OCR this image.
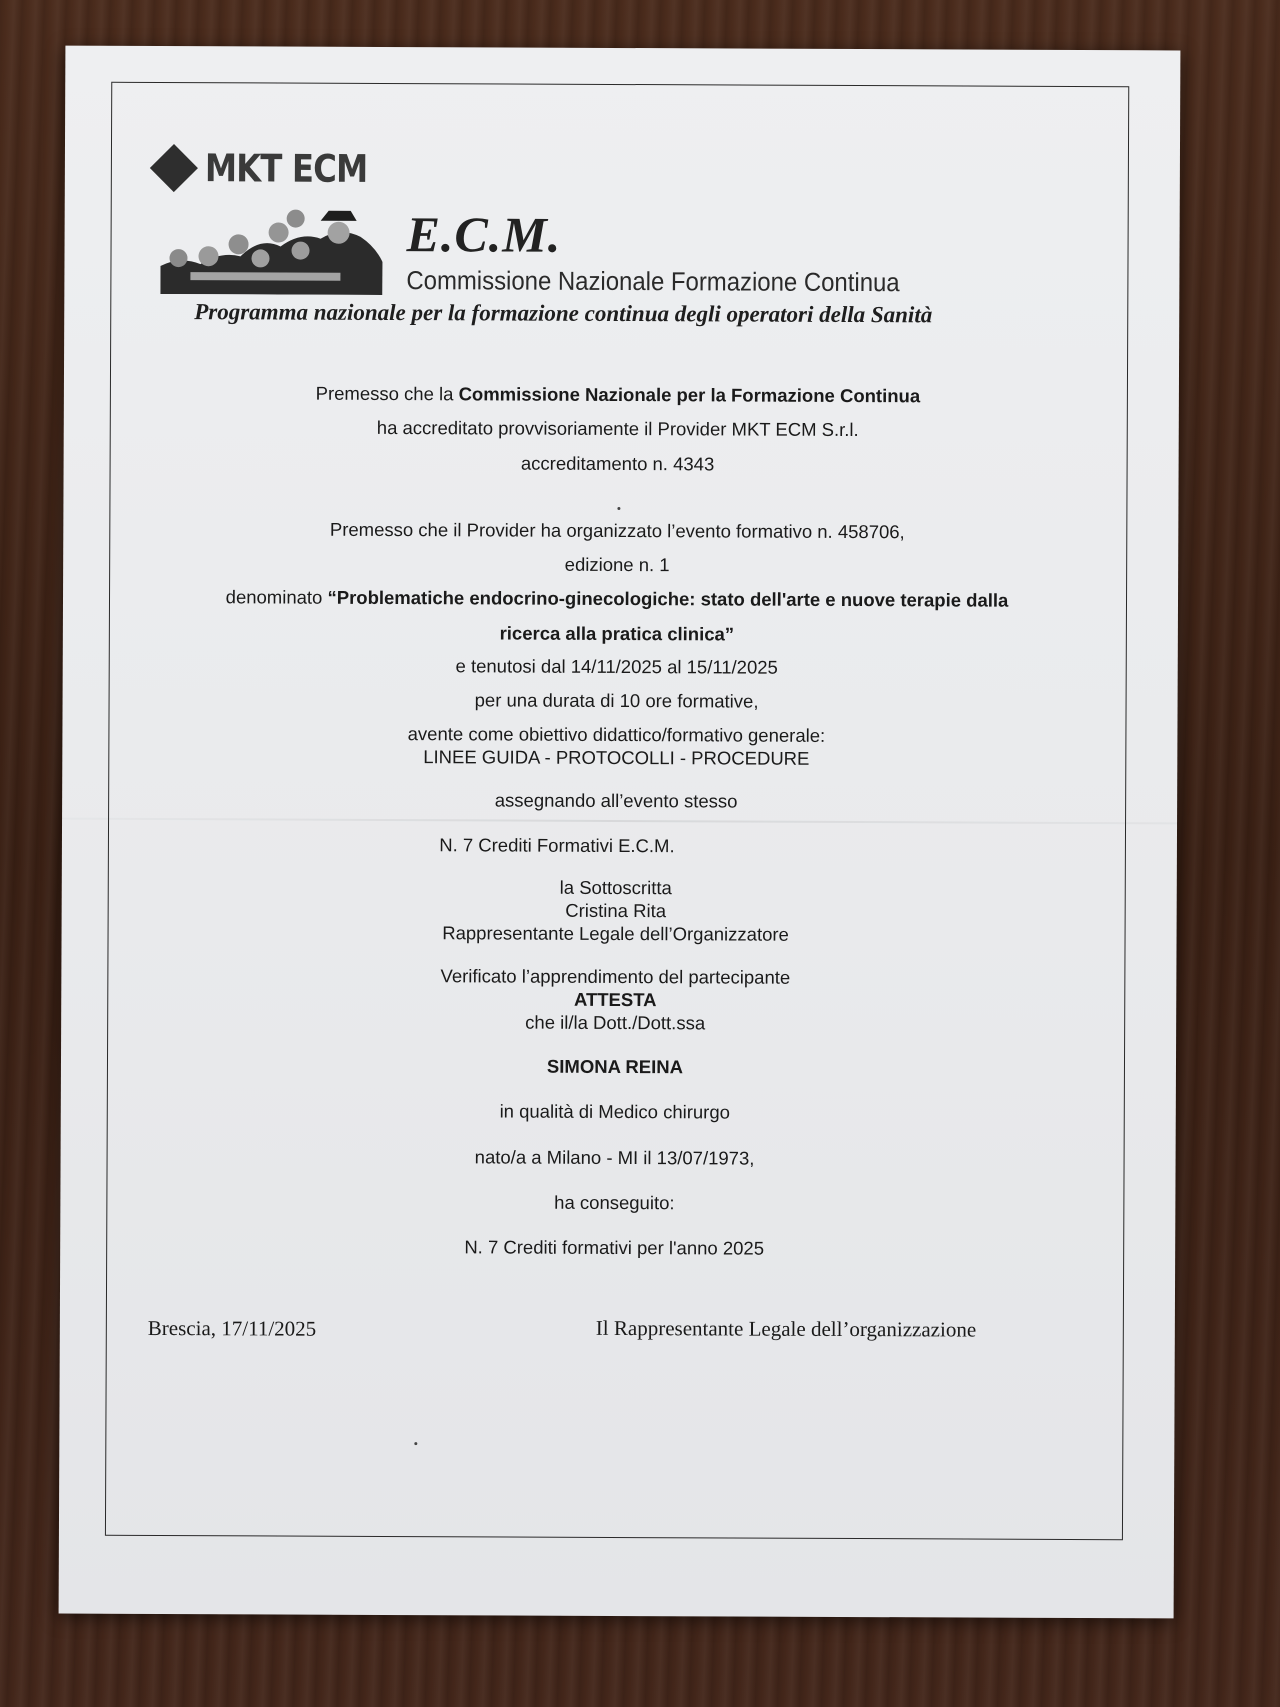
MKT ECM
E.C.M.
Commissione Nazionale Formazione Continua
Programma nazionale per la formazione continua degli operatori della Sanità
Premesso che la Commissione Nazionale per la Formazione Continua
ha accreditato provvisoriamente il Provider MKT ECM S.r.l.
accreditamento n. 4343
Premesso che il Provider ha organizzato l’evento formativo n. 458706,
edizione n. 1
denominato “Problematiche endocrino-ginecologiche: stato dell'arte e nuove terapie dalla
ricerca alla pratica clinica”
e tenutosi dal 14/11/2025 al 15/11/2025
per una durata di 10 ore formative,
avente come obiettivo didattico/formativo generale:
LINEE GUIDA - PROTOCOLLI - PROCEDURE
assegnando all’evento stesso
N. 7 Crediti Formativi E.C.M.
la Sottoscritta
Cristina Rita
Rappresentante Legale dell’Organizzatore
Verificato l’apprendimento del partecipante
ATTESTA
che il/la Dott./Dott.ssa
SIMONA REINA
in qualità di Medico chirurgo
nato/a a Milano - MI il 13/07/1973,
ha conseguito:
N. 7 Crediti formativi per l'anno 2025
Brescia, 17/11/2025	Il Rappresentante Legale dell’organizzazione
